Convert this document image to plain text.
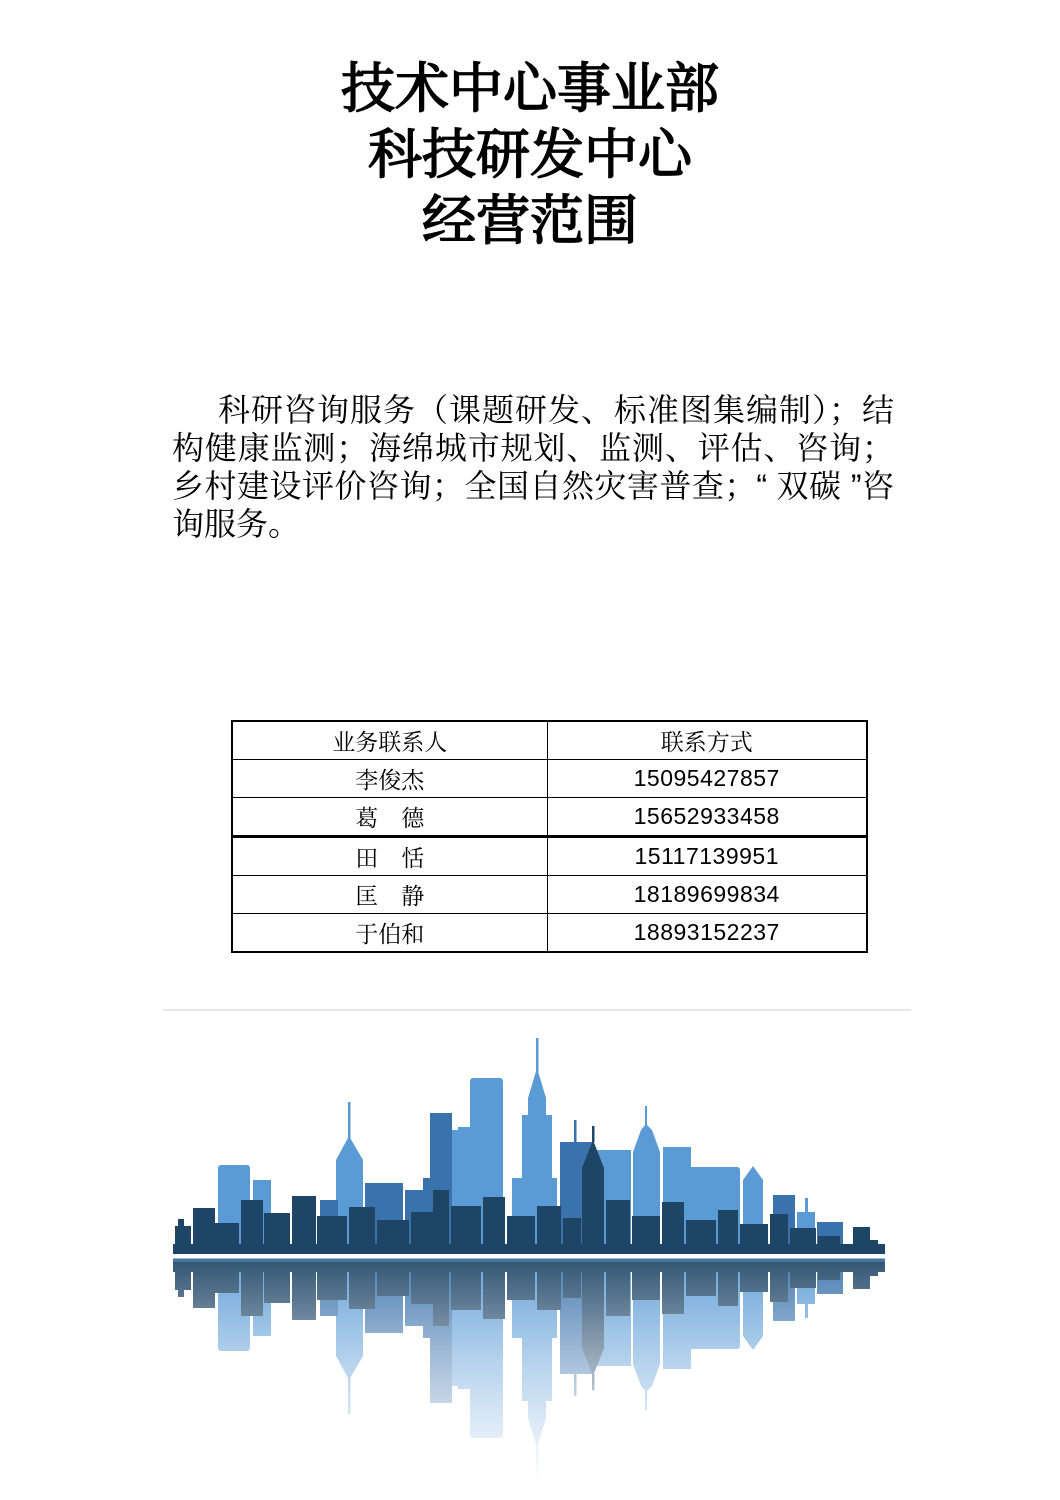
技术中心事业部
科技研发中心
经营范围

科研咨询服务（课题研发、标准图集编制）；结构健康监测；海绵城市规划、监测、评估、咨询；乡村建设评价咨询；全国自然灾害普查；“ 双碳 ”咨询服务。

业务联系人	联系方式
李俊杰	15095427857
葛　德	15652933458
田　恬	15117139951
匡　静	18189699834
于伯和	18893152237
